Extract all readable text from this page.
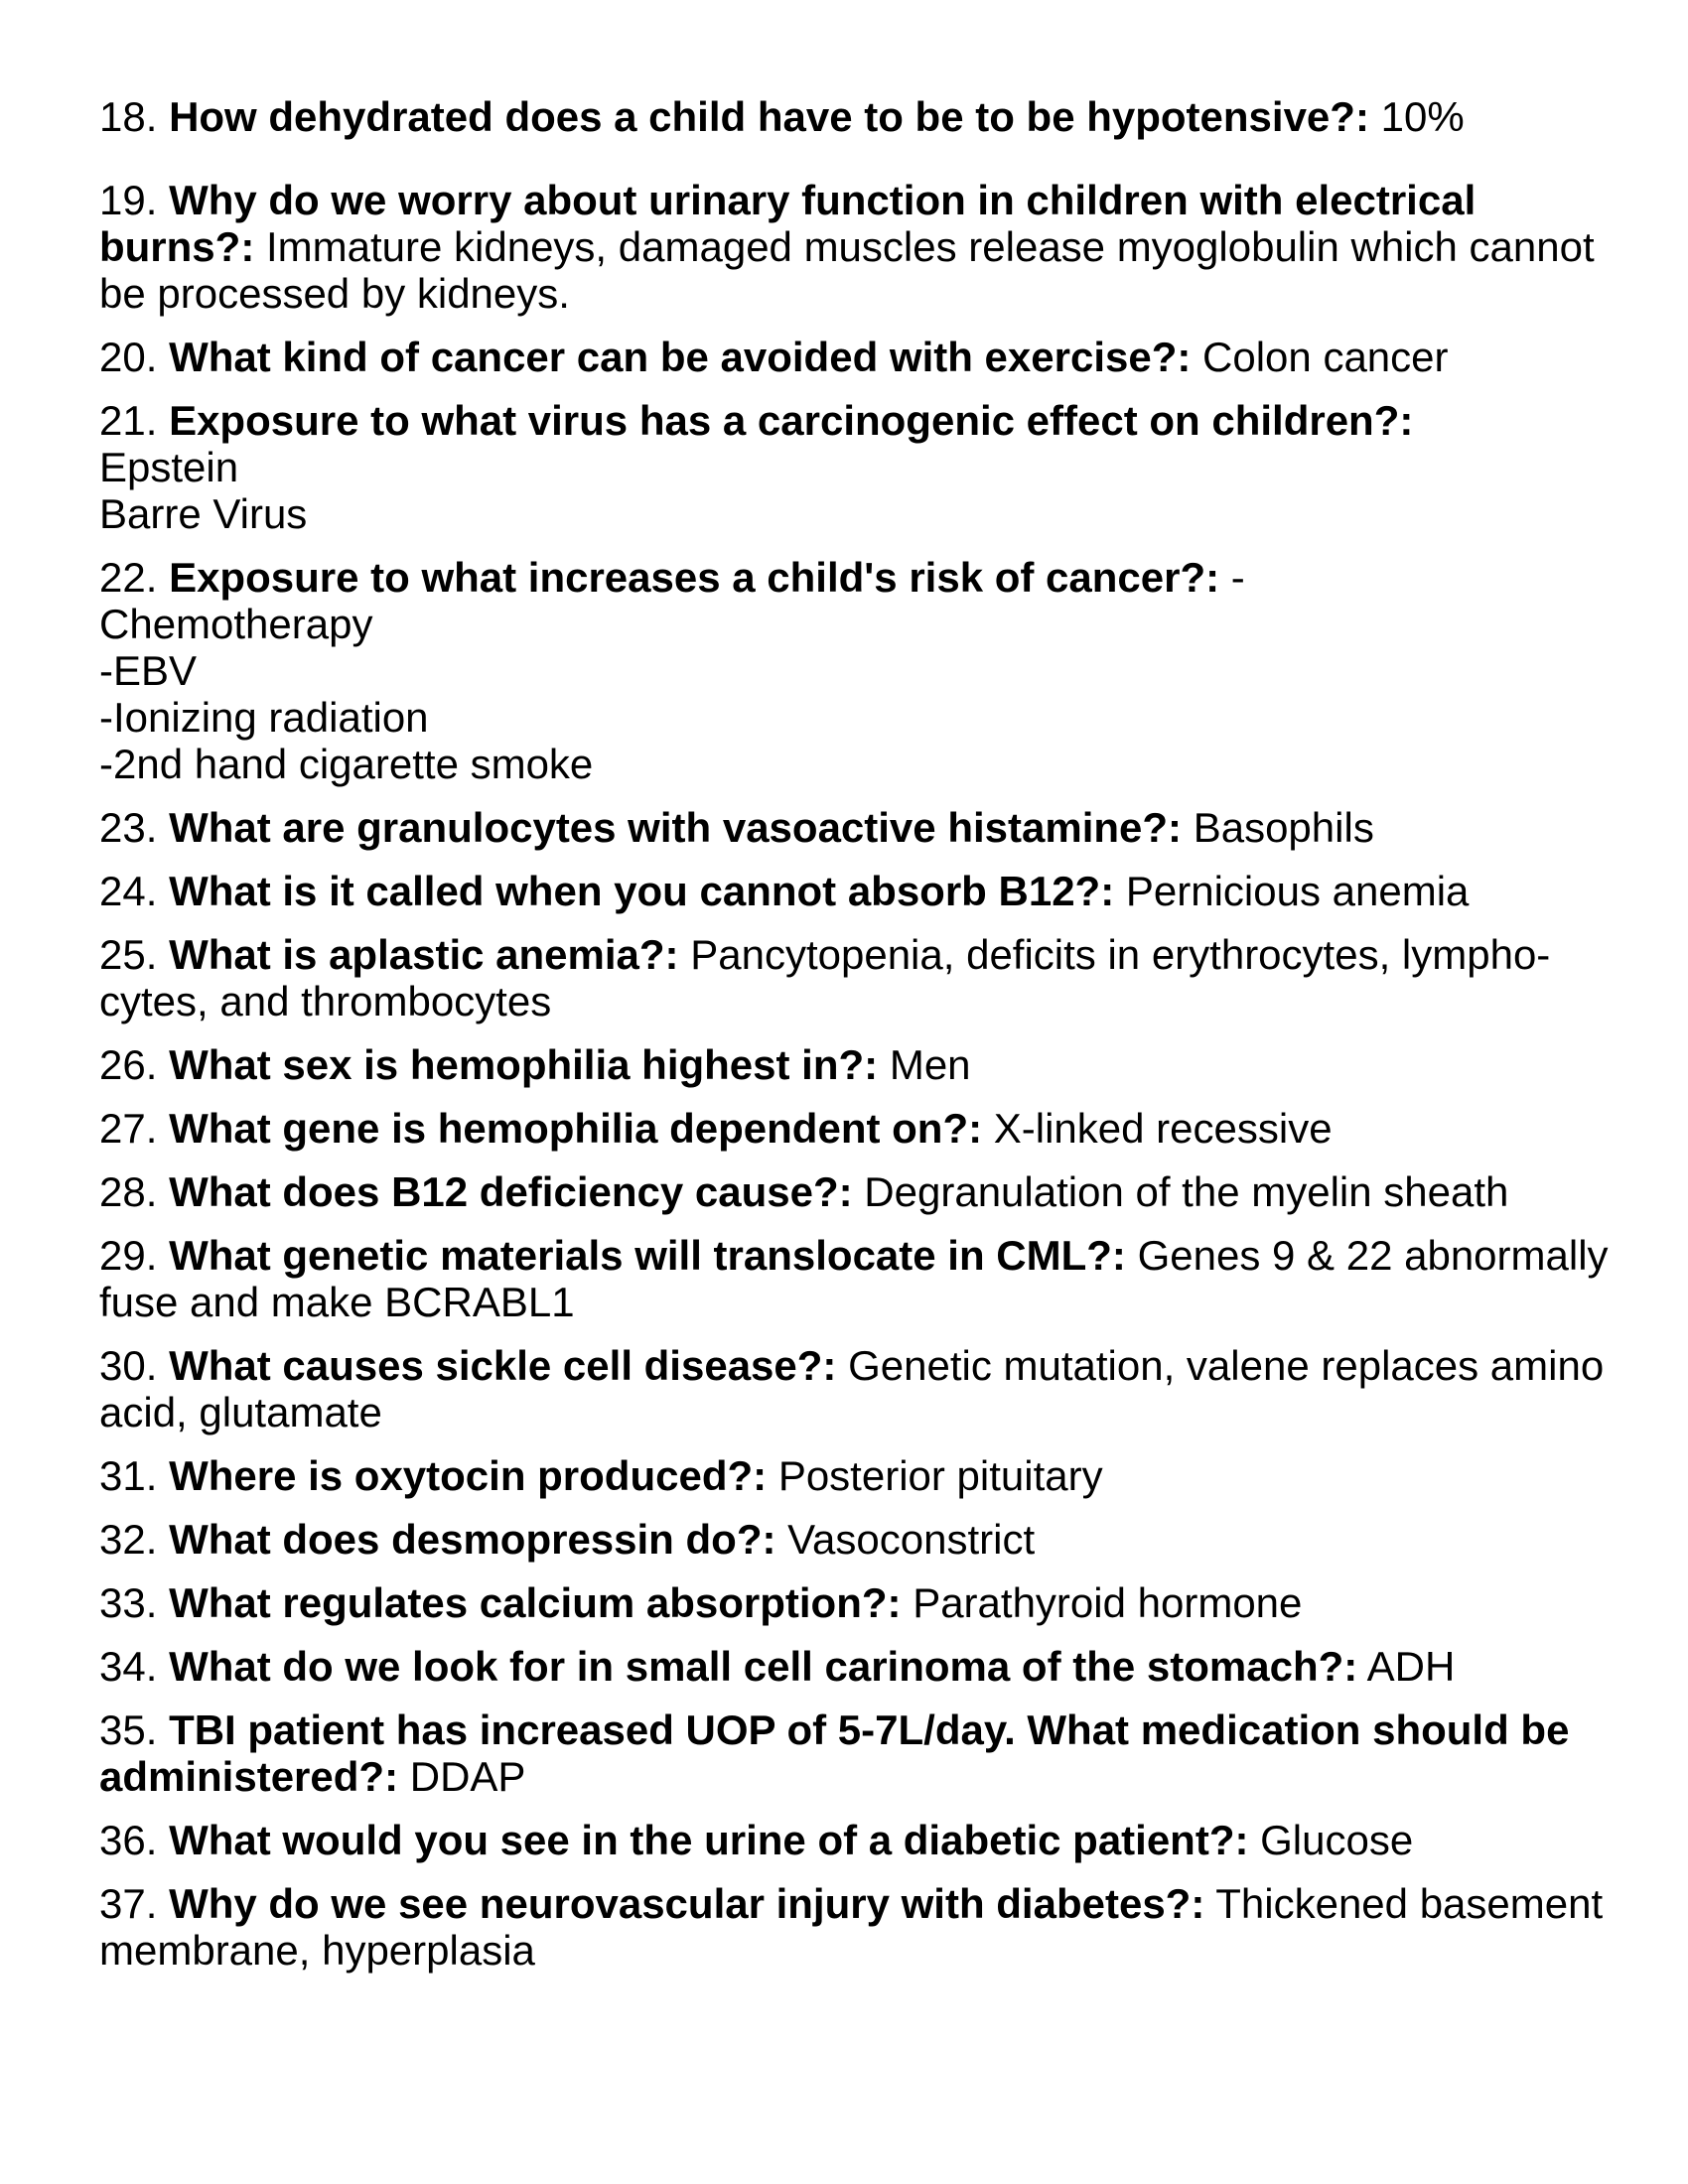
18. How dehydrated does a child have to be to be hypotensive?: 10%

19. Why do we worry about urinary function in children with electrical burns?: Immature kidneys, damaged muscles release myoglobulin which cannot be processed by kidneys.

20. What kind of cancer can be avoided with exercise?: Colon cancer

21. Exposure to what virus has a carcinogenic effect on children?:
Epstein
Barre Virus

22. Exposure to what increases a child's risk of cancer?: -
Chemotherapy
-EBV
-Ionizing radiation
-2nd hand cigarette smoke

23. What are granulocytes with vasoactive histamine?: Basophils

24. What is it called when you cannot absorb B12?: Pernicious anemia

25. What is aplastic anemia?: Pancytopenia, deficits in erythrocytes, lympho- cytes, and thrombocytes

26. What sex is hemophilia highest in?: Men

27. What gene is hemophilia dependent on?: X-linked recessive

28. What does B12 deficiency cause?: Degranulation of the myelin sheath

29. What genetic materials will translocate in CML?: Genes 9 & 22 abnormally fuse and make BCRABL1

30. What causes sickle cell disease?: Genetic mutation, valene replaces amino acid, glutamate

31. Where is oxytocin produced?: Posterior pituitary

32. What does desmopressin do?: Vasoconstrict

33. What regulates calcium absorption?: Parathyroid hormone

34. What do we look for in small cell carinoma of the stomach?: ADH

35. TBI patient has increased UOP of 5-7L/day. What medication should be administered?: DDAP

36. What would you see in the urine of a diabetic patient?: Glucose

37. Why do we see neurovascular injury with diabetes?: Thickened basement membrane, hyperplasia
